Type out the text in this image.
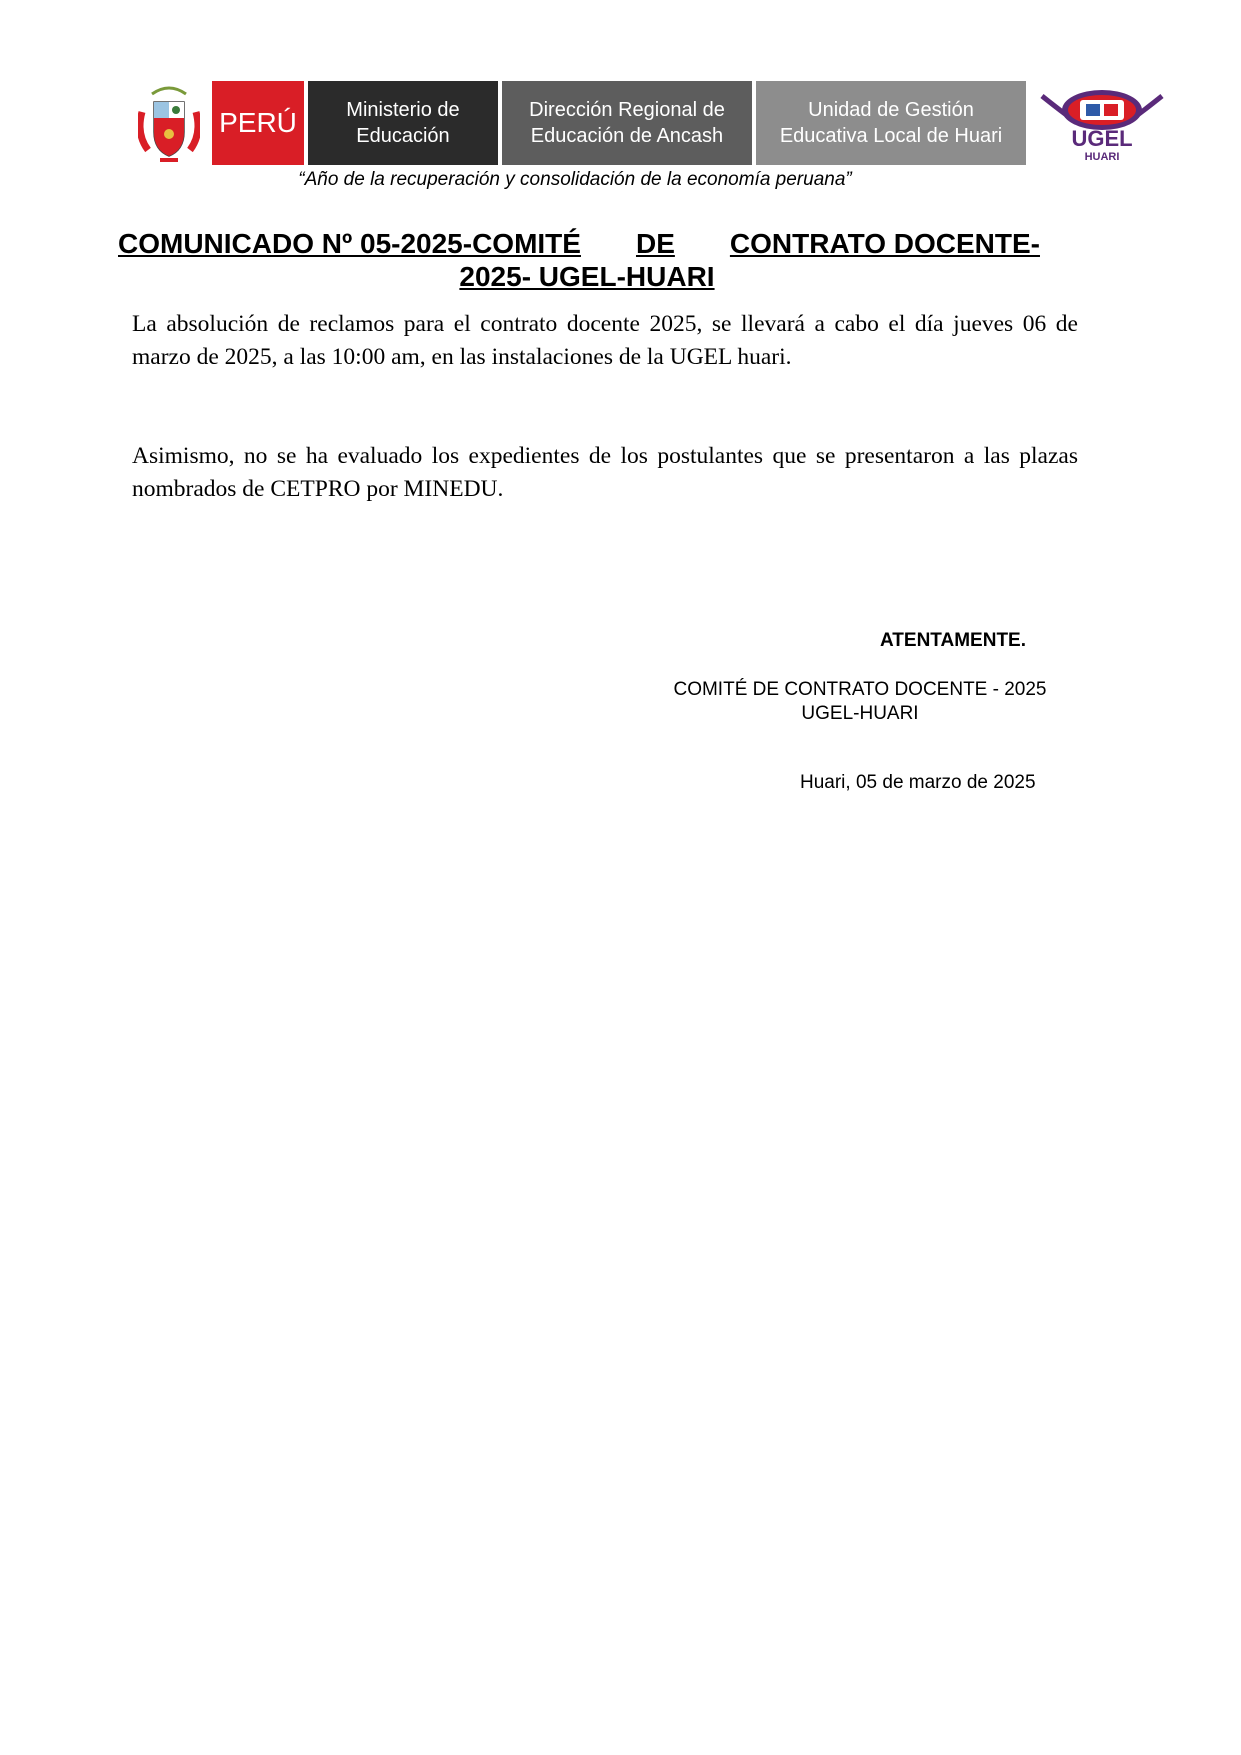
PERÚ	Ministerio de
Educación
Dirección Regional de
Educación de Ancash
Unidad de Gestión
Educativa Local de Huari	UGEL
HUARI
“Año de la recuperación y consolidación de la economía peruana”
COMUNICADO Nº 05-2025-COMITÉ DE CONTRATO DOCENTE-
2025- UGEL-HUARI
La absolución de reclamos para el contrato docente 2025, se llevará a cabo el día jueves 06 de marzo de 2025, a las 10:00 am, en las instalaciones de la UGEL huari.
Asimismo, no se ha evaluado los expedientes de los postulantes que se presentaron a las plazas nombrados de CETPRO por MINEDU.
ATENTAMENTE.
COMITÉ DE CONTRATO DOCENTE - 2025
UGEL-HUARI
Huari, 05 de marzo de 2025
